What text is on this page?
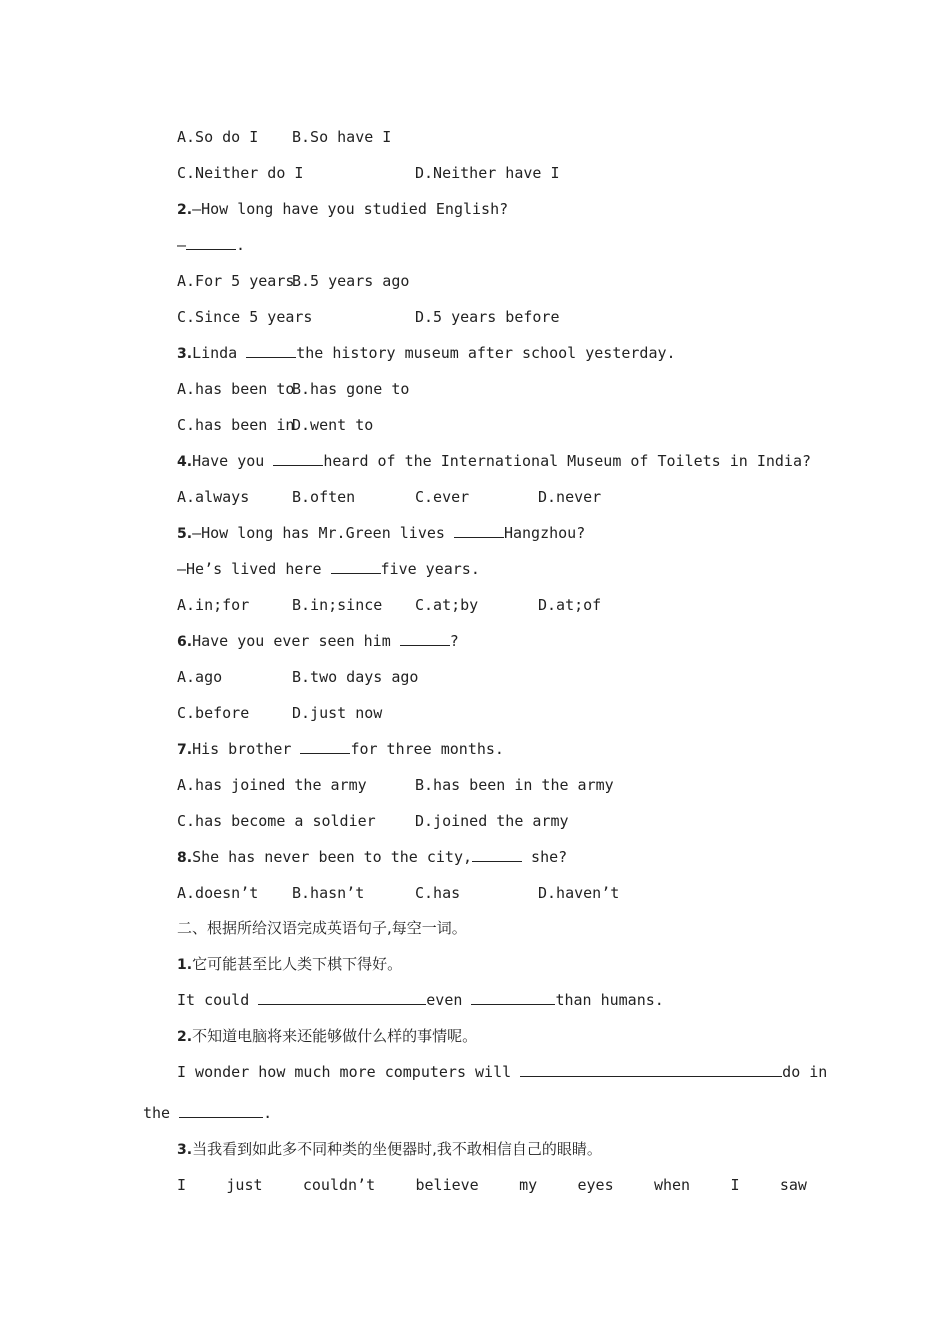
A.So do I

B.So have I

C.Neither do I

	D.Neither have I

2.—How long have you studied English?
—	.

A.For 5 years

B.5 years ago

C.Since 5 years

	D.5 years before

3.Linda	the history museum after school yesterday.

A.has been to

B.has gone to

C.has been in

D.went to

4.Have you	heard of the International Museum of Toilets in India?

A.always

	B.often

	C.ever

	D.never

5.—How long has Mr.Green lives	Hangzhou?
—He’s lived here	five years.

A.in;for

	B.in;since

C.at;by

	D.at;of

6.Have you ever seen him	?

A.ago

	B.two days ago

C.before

	D.just now

7.His brother	for three months.

A.has joined the army

	B.has been in the army

C.has become a soldier

	D.joined the army

8.She has never been to the city,	she?

A.doesn’t

B.hasn’t

	C.has

	D.haven’t

二、根据所给汉语完成英语句子,每空一词。
1.它可能甚至比人类下棋下得好。
It could	even	than humans.
2.不知道电脑将来还能够做什么样的事情呢。
I wonder how much more computers will	do in
the	.
3.当我看到如此多不同种类的坐便器时,我不敢相信自己的眼睛。
I	just	couldn’t	believe	my	eyes	when	I	saw
